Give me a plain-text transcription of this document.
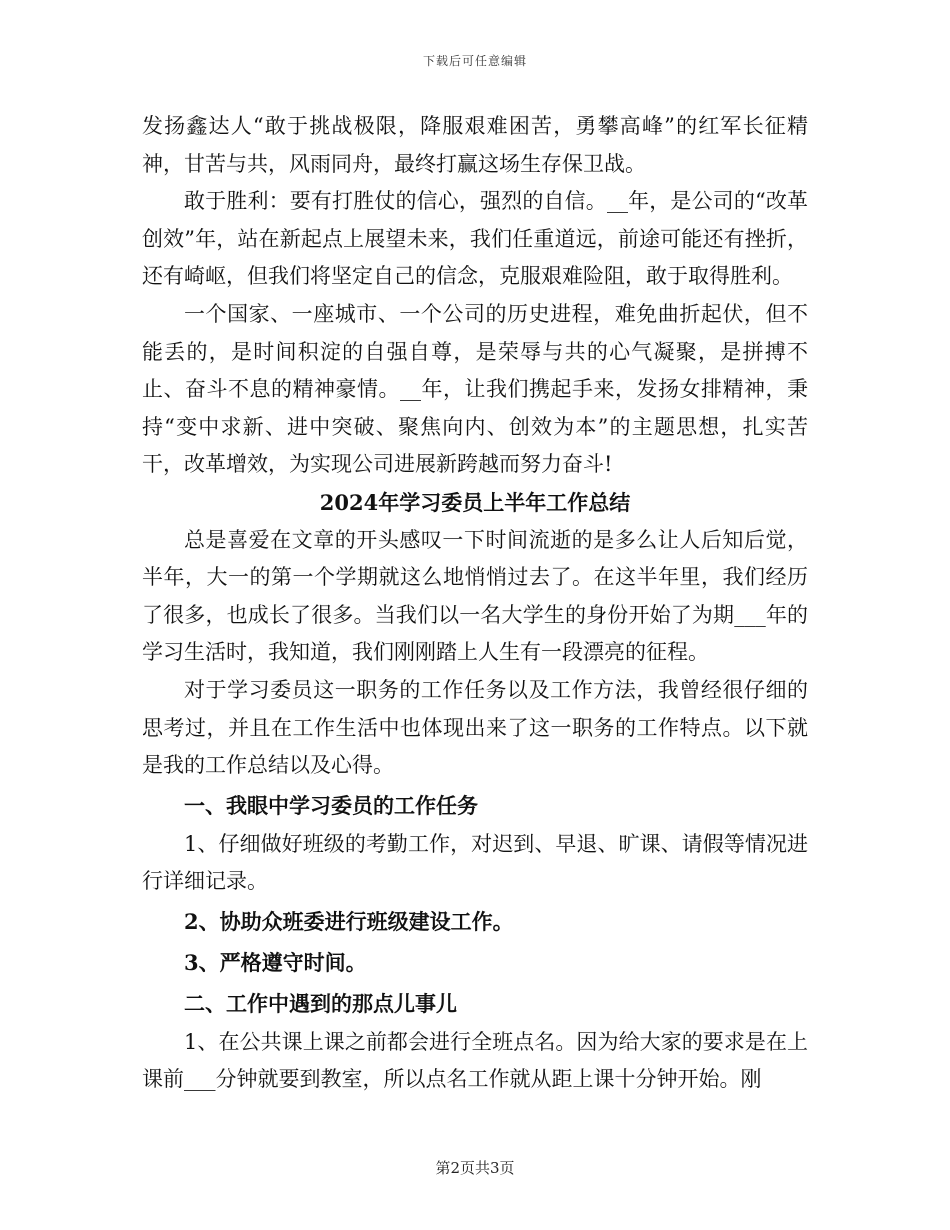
下载后可任意编辑

发扬鑫达人“敢于挑战极限，降服艰难困苦，勇攀高峰”的红军长征精神，甘苦与共，风雨同舟，最终打赢这场生存保卫战。

敢于胜利：要有打胜仗的信心，强烈的自信。__年，是公司的“改革创效”年，站在新起点上展望未来，我们任重道远，前途可能还有挫折，还有崎岖，但我们将坚定自己的信念，克服艰难险阻，敢于取得胜利。

一个国家、一座城市、一个公司的历史进程，难免曲折起伏，但不能丢的，是时间积淀的自强自尊，是荣辱与共的心气凝聚，是拼搏不止、奋斗不息的精神豪情。__年，让我们携起手来，发扬女排精神，秉持“变中求新、进中突破、聚焦向内、创效为本”的主题思想，扎实苦干，改革增效，为实现公司进展新跨越而努力奋斗!

2024年学习委员上半年工作总结

总是喜爱在文章的开头感叹一下时间流逝的是多么让人后知后觉，半年，大一的第一个学期就这么地悄悄过去了。在这半年里，我们经历了很多，也成长了很多。当我们以一名大学生的身份开始了为期___年的学习生活时，我知道，我们刚刚踏上人生有一段漂亮的征程。

对于学习委员这一职务的工作任务以及工作方法，我曾经很仔细的思考过，并且在工作生活中也体现出来了这一职务的工作特点。以下就是我的工作总结以及心得。

一、我眼中学习委员的工作任务

1、仔细做好班级的考勤工作，对迟到、早退、旷课、请假等情况进行详细记录。

2、协助众班委进行班级建设工作。

3、严格遵守时间。

二、工作中遇到的那点儿事儿

1、在公共课上课之前都会进行全班点名。因为给大家的要求是在上课前___分钟就要到教室，所以点名工作就从距上课十分钟开始。刚

第2页共3页
